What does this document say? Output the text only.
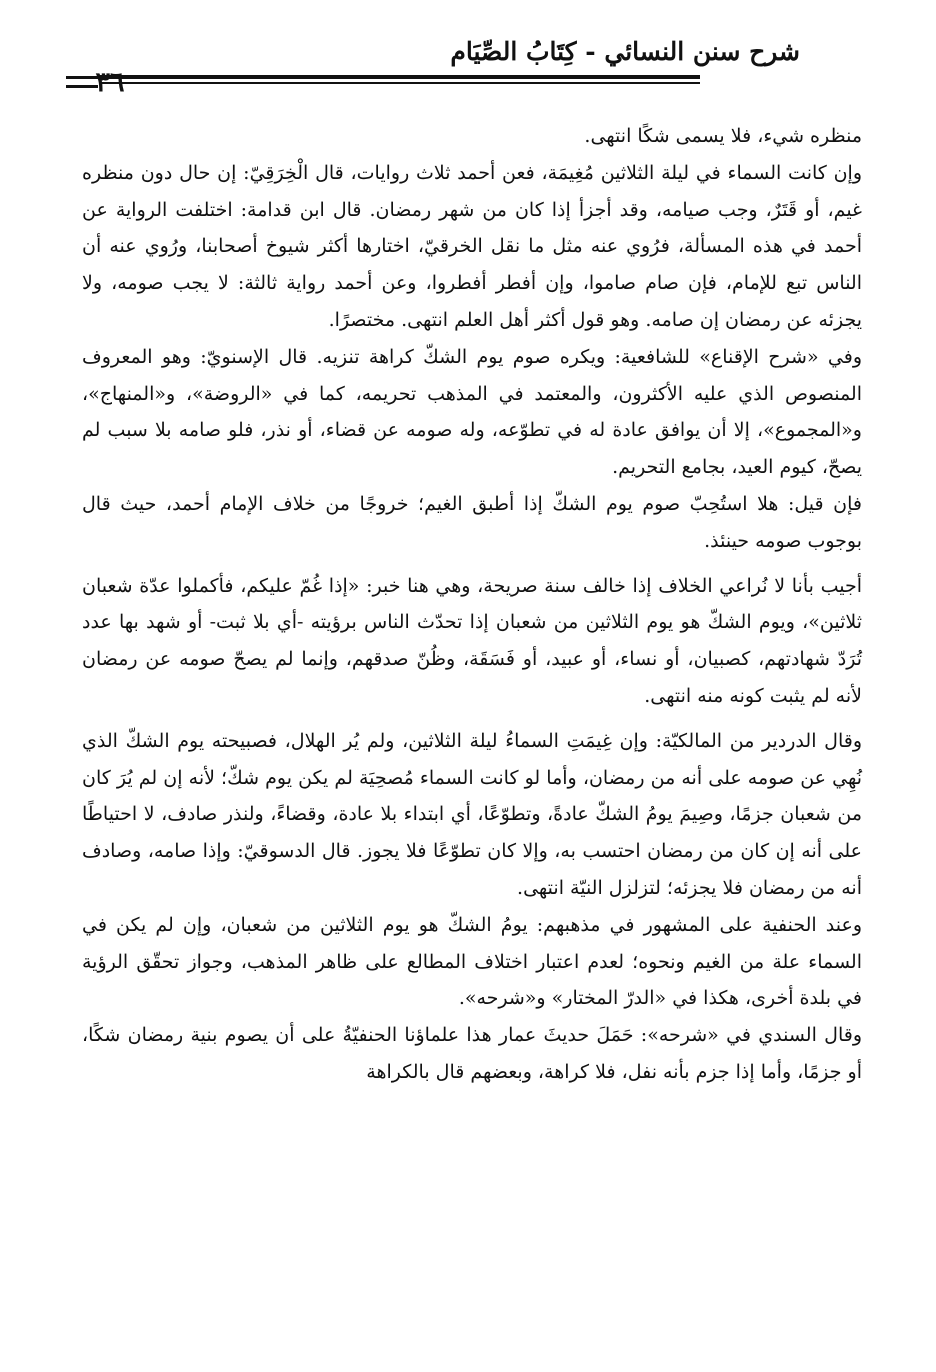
شرح سنن النسائي - كِتَابُ الصِّيَام
٣٦

منظره شيء، فلا يسمى شكًا انتهى.

وإن كانت السماء في ليلة الثلاثين مُغِيمَة، فعن أحمد ثلاث روايات، قال الْخِرَقِيّ: إن حال دون منظره غيم، أو قَتَرٌ، وجب صيامه، وقد أجزأ إذا كان من شهر رمضان. قال ابن قدامة: اختلفت الرواية عن أحمد في هذه المسألة، فرُوي عنه مثل ما نقل الخرقيّ، اختارها أكثر شيوخ أصحابنا، ورُوي عنه أن الناس تبع للإمام، فإن صام صاموا، وإن أفطر أفطروا، وعن أحمد رواية ثالثة: لا يجب صومه، ولا يجزئه عن رمضان إن صامه. وهو قول أكثر أهل العلم انتهى. مختصرًا.

وفي «شرح الإقناع» للشافعية: ويكره صوم يوم الشكّ كراهة تنزيه. قال الإسنويّ: وهو المعروف المنصوص الذي عليه الأكثرون، والمعتمد في المذهب تحريمه، كما في «الروضة»، و«المنهاج»، و«المجموع»، إلا أن يوافق عادة له في تطوّعه، وله صومه عن قضاء، أو نذر، فلو صامه بلا سبب لم يصحّ، كيوم العيد، بجامع التحريم.

فإن قيل: هلا استُحِبّ صوم يوم الشكّ إذا أطبق الغيم؛ خروجًا من خلاف الإمام أحمد، حيث قال بوجوب صومه حينئذ.

أجيب بأنا لا نُراعي الخلاف إذا خالف سنة صريحة، وهي هنا خبر: «إذا غُمّ عليكم، فأكملوا عدّة شعبان ثلاثين»، ويوم الشكّ هو يوم الثلاثين من شعبان إذا تحدّث الناس برؤيته -أي بلا ثبت- أو شهد بها عدد تُرَدّ شهادتهم، كصبيان، أو نساء، أو عبيد، أو فَسَقَة، وظُنّ صدقهم، وإنما لم يصحّ صومه عن رمضان لأنه لم يثبت كونه منه انتهى.

وقال الدردير من المالكيّة: وإن غِيمَتِ السماءُ ليلة الثلاثين، ولم يُر الهلال، فصبيحته يوم الشكّ الذي نُهِي عن صومه على أنه من رمضان، وأما لو كانت السماء مُصحِيَة لم يكن يوم شكّ؛ لأنه إن لم يُرَ كان من شعبان جزمًا، وصِيمَ يومُ الشكّ عادةً، وتطوّعًا، أي ابتداء بلا عادة، وقضاءً، ولنذر صادف، لا احتياطًا على أنه إن كان من رمضان احتسب به، وإلا كان تطوّعًا فلا يجوز. قال الدسوقيّ: وإذا صامه، وصادف أنه من رمضان فلا يجزئه؛ لتزلزل النيّة انتهى.

وعند الحنفية على المشهور في مذهبهم: يومُ الشكّ هو يوم الثلاثين من شعبان، وإن لم يكن في السماء علة من الغيم ونحوه؛ لعدم اعتبار اختلاف المطالع على ظاهر المذهب، وجواز تحقّق الرؤية في بلدة أخرى، هكذا في «الدرّ المختار» و«شرحه».

وقال السندي في «شرحه»: حَمَلَ حديثَ عمار هذا علماؤنا الحنفيّةُ على أن يصوم بنية رمضان شكًا، أو جزمًا، وأما إذا جزم بأنه نفل، فلا كراهة، وبعضهم قال بالكراهة
